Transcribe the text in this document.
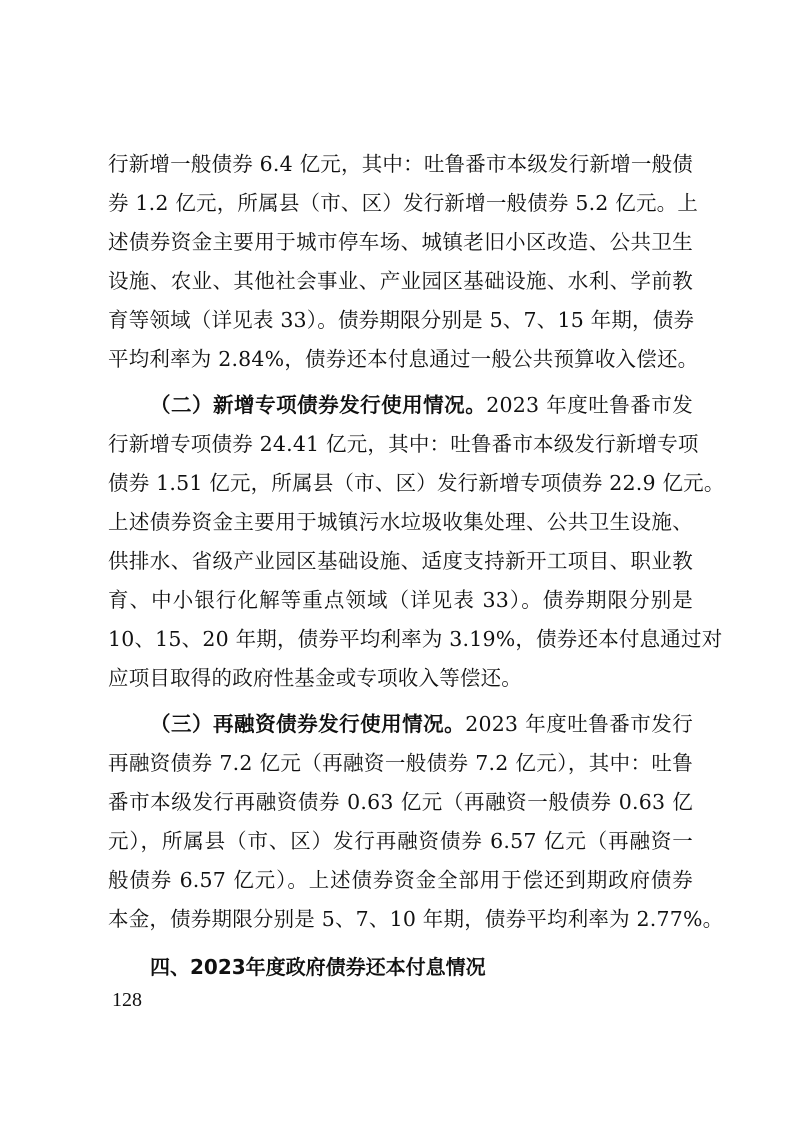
行新增一般债券 6.4 亿元，其中：吐鲁番市本级发行新增一般债
券 1.2 亿元，所属县（市、区）发行新增一般债券 5.2 亿元。上
述债券资金主要用于城市停车场、城镇老旧小区改造、公共卫生
设施、农业、其他社会事业、产业园区基础设施、水利、学前教
育等领域（详见表 33）。债券期限分别是 5、7、15 年期，债券
平均利率为 2.84%，债券还本付息通过一般公共预算收入偿还。
（二）新增专项债券发行使用情况。2023 年度吐鲁番市发
行新增专项债券 24.41 亿元，其中：吐鲁番市本级发行新增专项
债券 1.51 亿元，所属县（市、区）发行新增专项债券 22.9 亿元。
上述债券资金主要用于城镇污水垃圾收集处理、公共卫生设施、
供排水、省级产业园区基础设施、适度支持新开工项目、职业教
育、中小银行化解等重点领域（详见表 33）。债券期限分别是
10、15、20 年期，债券平均利率为 3.19%，债券还本付息通过对
应项目取得的政府性基金或专项收入等偿还。
（三）再融资债券发行使用情况。2023 年度吐鲁番市发行
再融资债券 7.2 亿元（再融资一般债券 7.2 亿元），其中：吐鲁
番市本级发行再融资债券 0.63 亿元（再融资一般债券 0.63 亿
元），所属县（市、区）发行再融资债券 6.57 亿元（再融资一
般债券 6.57 亿元）。上述债券资金全部用于偿还到期政府债券
本金，债券期限分别是 5、7、10 年期，债券平均利率为 2.77%。
四、2023年度政府债券还本付息情况
128
